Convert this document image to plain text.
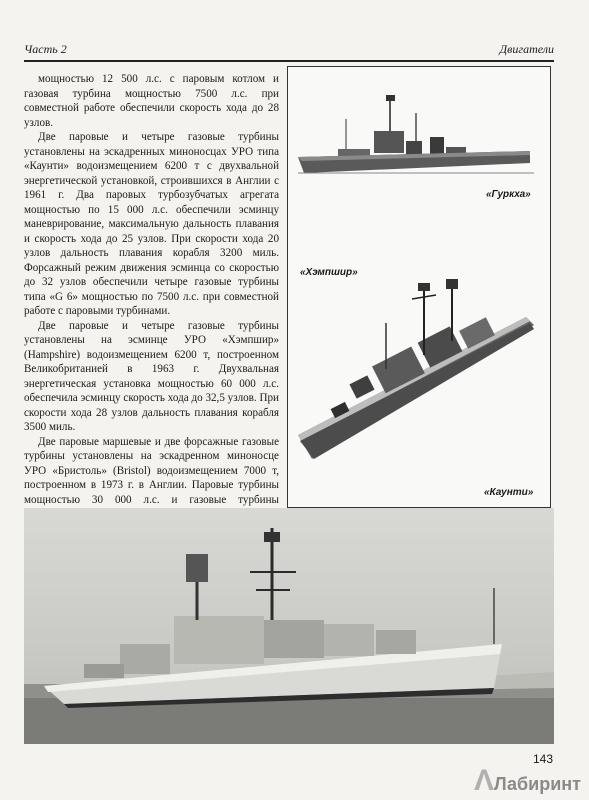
Часть 2	Двигатели

мощностью 12 500 л.с. с паровым котлом и газовая турбина мощностью 7500 л.с. при совместной работе обеспечили скорость хода до 28 узлов.

Две паровые и четыре газовые турбины установлены на эскадренных миноносцах УРО типа «Каунти» водоизмещением 6200 т с двухвальной энергетической установкой, строившихся в Англии с 1961 г. Два паровых турбозубчатых агрегата мощностью по 15 000 л.с. обеспечили эсминцу маневрирование, максимальную дальность плавания и скорость хода до 25 узлов. При скорости хода 20 узлов дальность плавания корабля 3200 миль. Форсажный режим движения эсминца со скоростью до 32 узлов обеспечили четыре газовые турбины типа «G 6» мощностью по 7500 л.с. при совместной работе с паровыми турбинами.

Две паровые и четыре газовые турбины установлены на эсминце УРО «Хэмпшир» (Hampshire) водоизмещением 6200 т, построенном Великобританией в 1963 г. Двухвальная энергетическая установка мощностью 60 000 л.с. обеспечила эсминцу скорость хода до 32,5 узлов. При скорости хода 28 узлов дальность плавания корабля 3500 миль.

Две паровые маршевые и две форсажные газовые турбины установлены на эскадренном миноносце УРО «Бристоль» (Bristol) водоизмещением 7000 т, построенном в 1973 г. в Англии. Паровые турбины мощностью 30 000 л.с. и газовые турбины

«Гуркха»
«Хэмпшир»
«Каунти»
143
ΛЛабиринт
